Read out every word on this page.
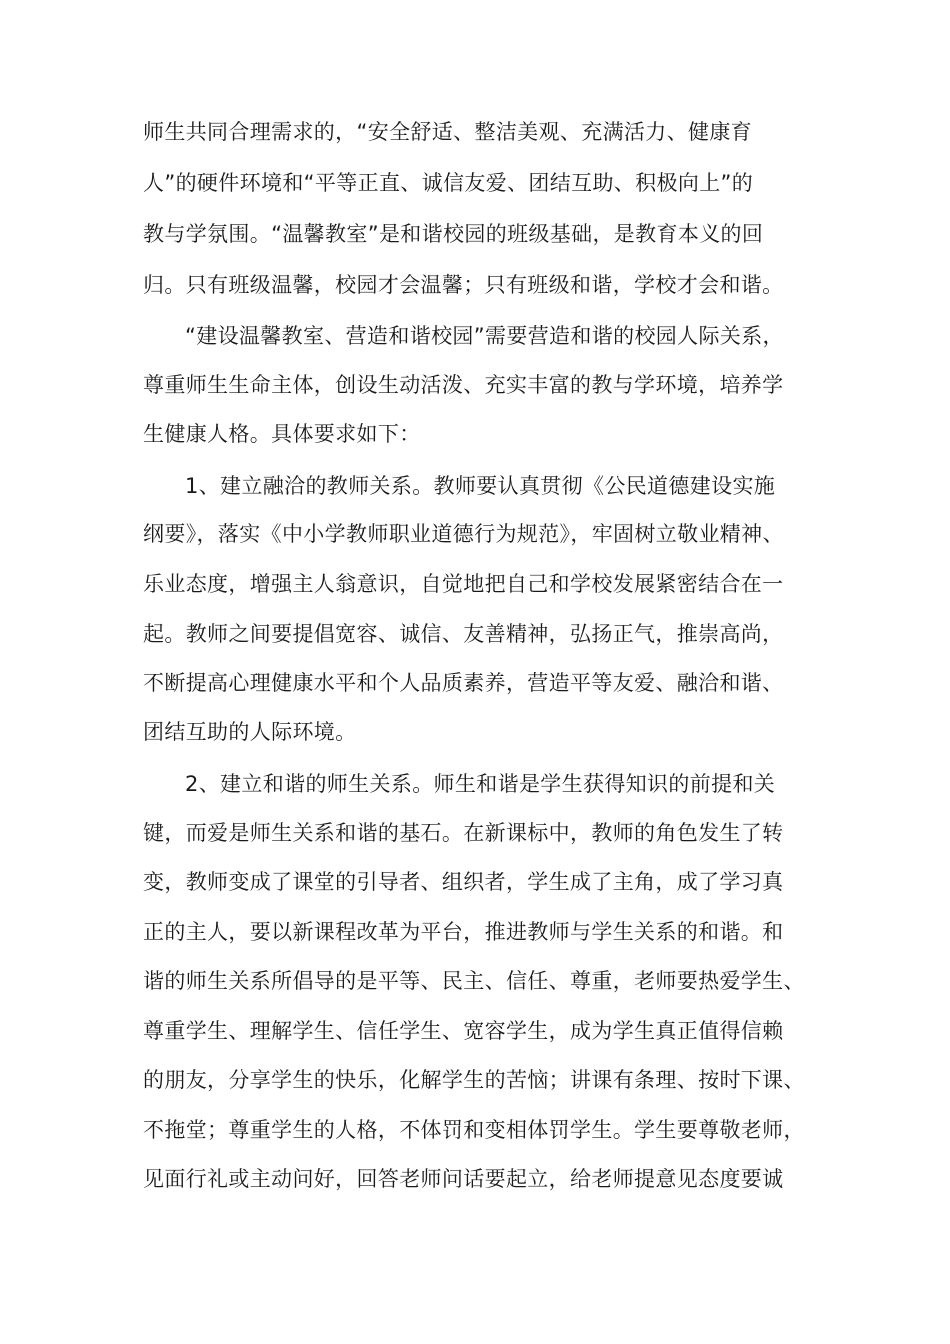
师生共同合理需求的，“安全舒适、整洁美观、充满活力、健康育
人”的硬件环境和“平等正直、诚信友爱、团结互助、积极向上”的
教与学氛围。“温馨教室”是和谐校园的班级基础，是教育本义的回
归。只有班级温馨，校园才会温馨；只有班级和谐，学校才会和谐。
“建设温馨教室、营造和谐校园”需要营造和谐的校园人际关系，
尊重师生生命主体，创设生动活泼、充实丰富的教与学环境，培养学
生健康人格。具体要求如下：
1、建立融洽的教师关系。教师要认真贯彻《公民道德建设实施
纲要》，落实《中小学教师职业道德行为规范》，牢固树立敬业精神、
乐业态度，增强主人翁意识，自觉地把自己和学校发展紧密结合在一
起。教师之间要提倡宽容、诚信、友善精神，弘扬正气，推崇高尚，
不断提高心理健康水平和个人品质素养，营造平等友爱、融洽和谐、
团结互助的人际环境。
2、建立和谐的师生关系。师生和谐是学生获得知识的前提和关
键，而爱是师生关系和谐的基石。在新课标中，教师的角色发生了转
变，教师变成了课堂的引导者、组织者，学生成了主角，成了学习真
正的主人，要以新课程改革为平台，推进教师与学生关系的和谐。和
谐的师生关系所倡导的是平等、民主、信任、尊重，老师要热爱学生、
尊重学生、理解学生、信任学生、宽容学生，成为学生真正值得信赖
的朋友，分享学生的快乐，化解学生的苦恼；讲课有条理、按时下课、
不拖堂；尊重学生的人格，不体罚和变相体罚学生。学生要尊敬老师，
见面行礼或主动问好，回答老师问话要起立，给老师提意见态度要诚
